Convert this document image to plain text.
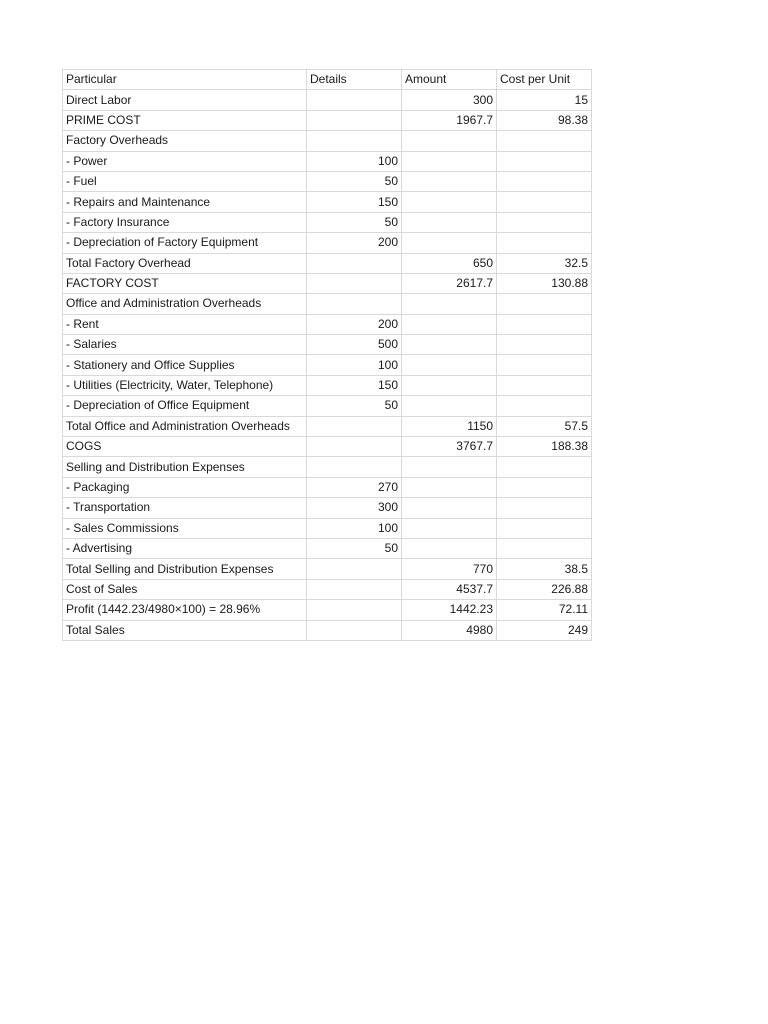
Particular	Details	Amount	Cost per Unit
Direct Labor		300	15
PRIME COST		1967.7	98.38
Factory Overheads			
- Power	100		
- Fuel	50		
- Repairs and Maintenance	150		
- Factory Insurance	50		
- Depreciation of Factory Equipment	200		
Total Factory Overhead		650	32.5
FACTORY COST		2617.7	130.88
Office and Administration Overheads			
- Rent	200		
- Salaries	500		
- Stationery and Office Supplies	100		
- Utilities (Electricity, Water, Telephone)	150		
- Depreciation of Office Equipment	50		
Total Office and Administration Overheads		1150	57.5
COGS		3767.7	188.38
Selling and Distribution Expenses			
- Packaging	270		
- Transportation	300		
- Sales Commissions	100		
- Advertising	50		
Total Selling and Distribution Expenses		770	38.5
Cost of Sales		4537.7	226.88
Profit (1442.23/4980×100) = 28.96%		1442.23	72.11
Total Sales		4980	249
